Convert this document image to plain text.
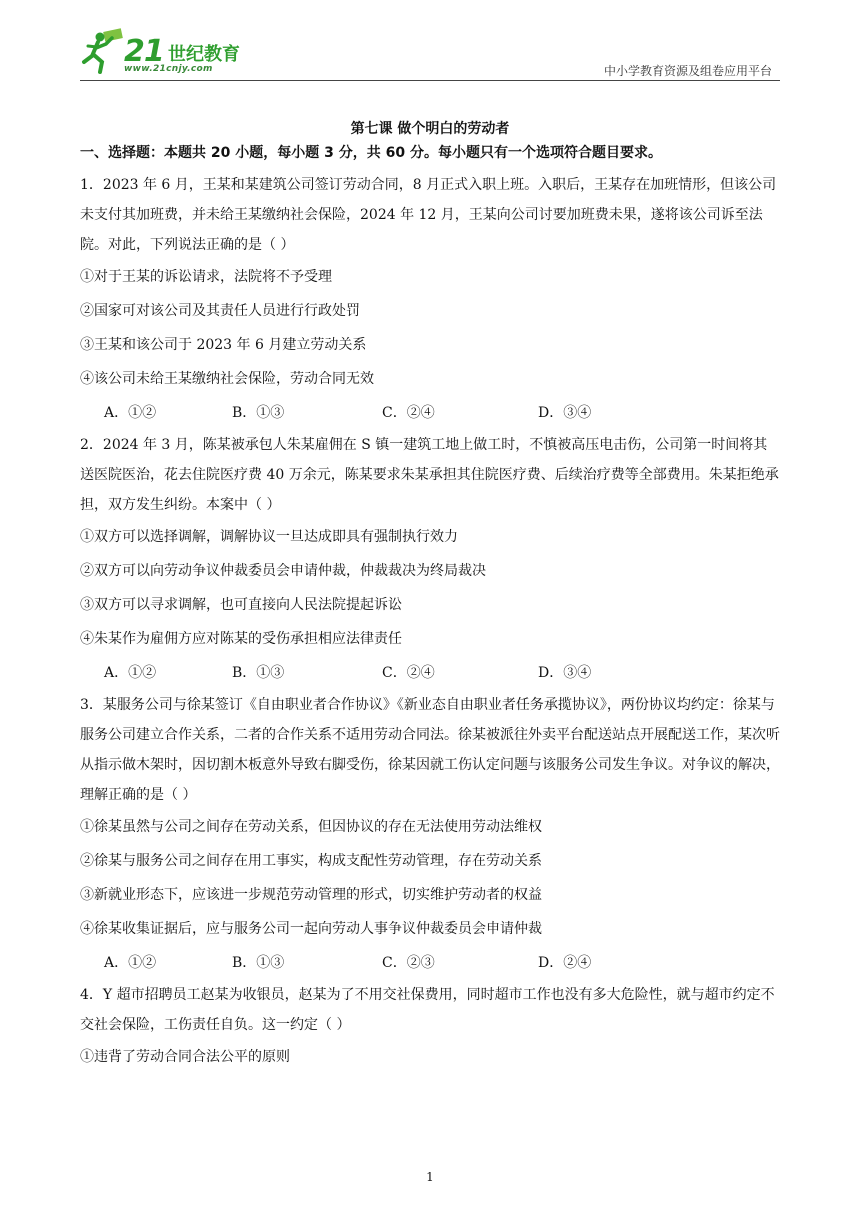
21 世纪教育
www.21cnjy.com	中小学教育资源及组卷应用平台
第七课 做个明白的劳动者
一、选择题：本题共 20 小题，每小题 3 分，共 60 分。每小题只有一个选项符合题目要求。
1．2023 年 6 月，王某和某建筑公司签订劳动合同，8 月正式入职上班。入职后，王某存在加班情形，但该公司未支付其加班费，并未给王某缴纳社会保险，2024 年 12 月，王某向公司讨要加班费未果，遂将该公司诉至法院。对此，下列说法正确的是（ ）
①对于王某的诉讼请求，法院将不予受理
②国家可对该公司及其责任人员进行行政处罚
③王某和该公司于 2023 年 6 月建立劳动关系
④该公司未给王某缴纳社会保险，劳动合同无效
A．①②	B．①③	C．②④	D．③④
2．2024 年 3 月，陈某被承包人朱某雇佣在 S 镇一建筑工地上做工时，不慎被高压电击伤，公司第一时间将其送医院医治，花去住院医疗费 40 万余元，陈某要求朱某承担其住院医疗费、后续治疗费等全部费用。朱某拒绝承担，双方发生纠纷。本案中（ ）
①双方可以选择调解，调解协议一旦达成即具有强制执行效力
②双方可以向劳动争议仲裁委员会申请仲裁，仲裁裁决为终局裁决
③双方可以寻求调解，也可直接向人民法院提起诉讼
④朱某作为雇佣方应对陈某的受伤承担相应法律责任
A．①②	B．①③	C．②④	D．③④
3．某服务公司与徐某签订《自由职业者合作协议》《新业态自由职业者任务承揽协议》，两份协议均约定：徐某与服务公司建立合作关系，二者的合作关系不适用劳动合同法。徐某被派往外卖平台配送站点开展配送工作，某次听从指示做木架时，因切割木板意外导致右脚受伤，徐某因就工伤认定问题与该服务公司发生争议。对争议的解决，理解正确的是（ ）
①徐某虽然与公司之间存在劳动关系，但因协议的存在无法使用劳动法维权
②徐某与服务公司之间存在用工事实，构成支配性劳动管理，存在劳动关系
③新就业形态下，应该进一步规范劳动管理的形式，切实维护劳动者的权益
④徐某收集证据后，应与服务公司一起向劳动人事争议仲裁委员会申请仲裁
A．①②	B．①③	C．②③	D．②④
4．Y 超市招聘员工赵某为收银员，赵某为了不用交社保费用，同时超市工作也没有多大危险性，就与超市约定不交社会保险，工伤责任自负。这一约定（ ）
①违背了劳动合同合法公平的原则
1
